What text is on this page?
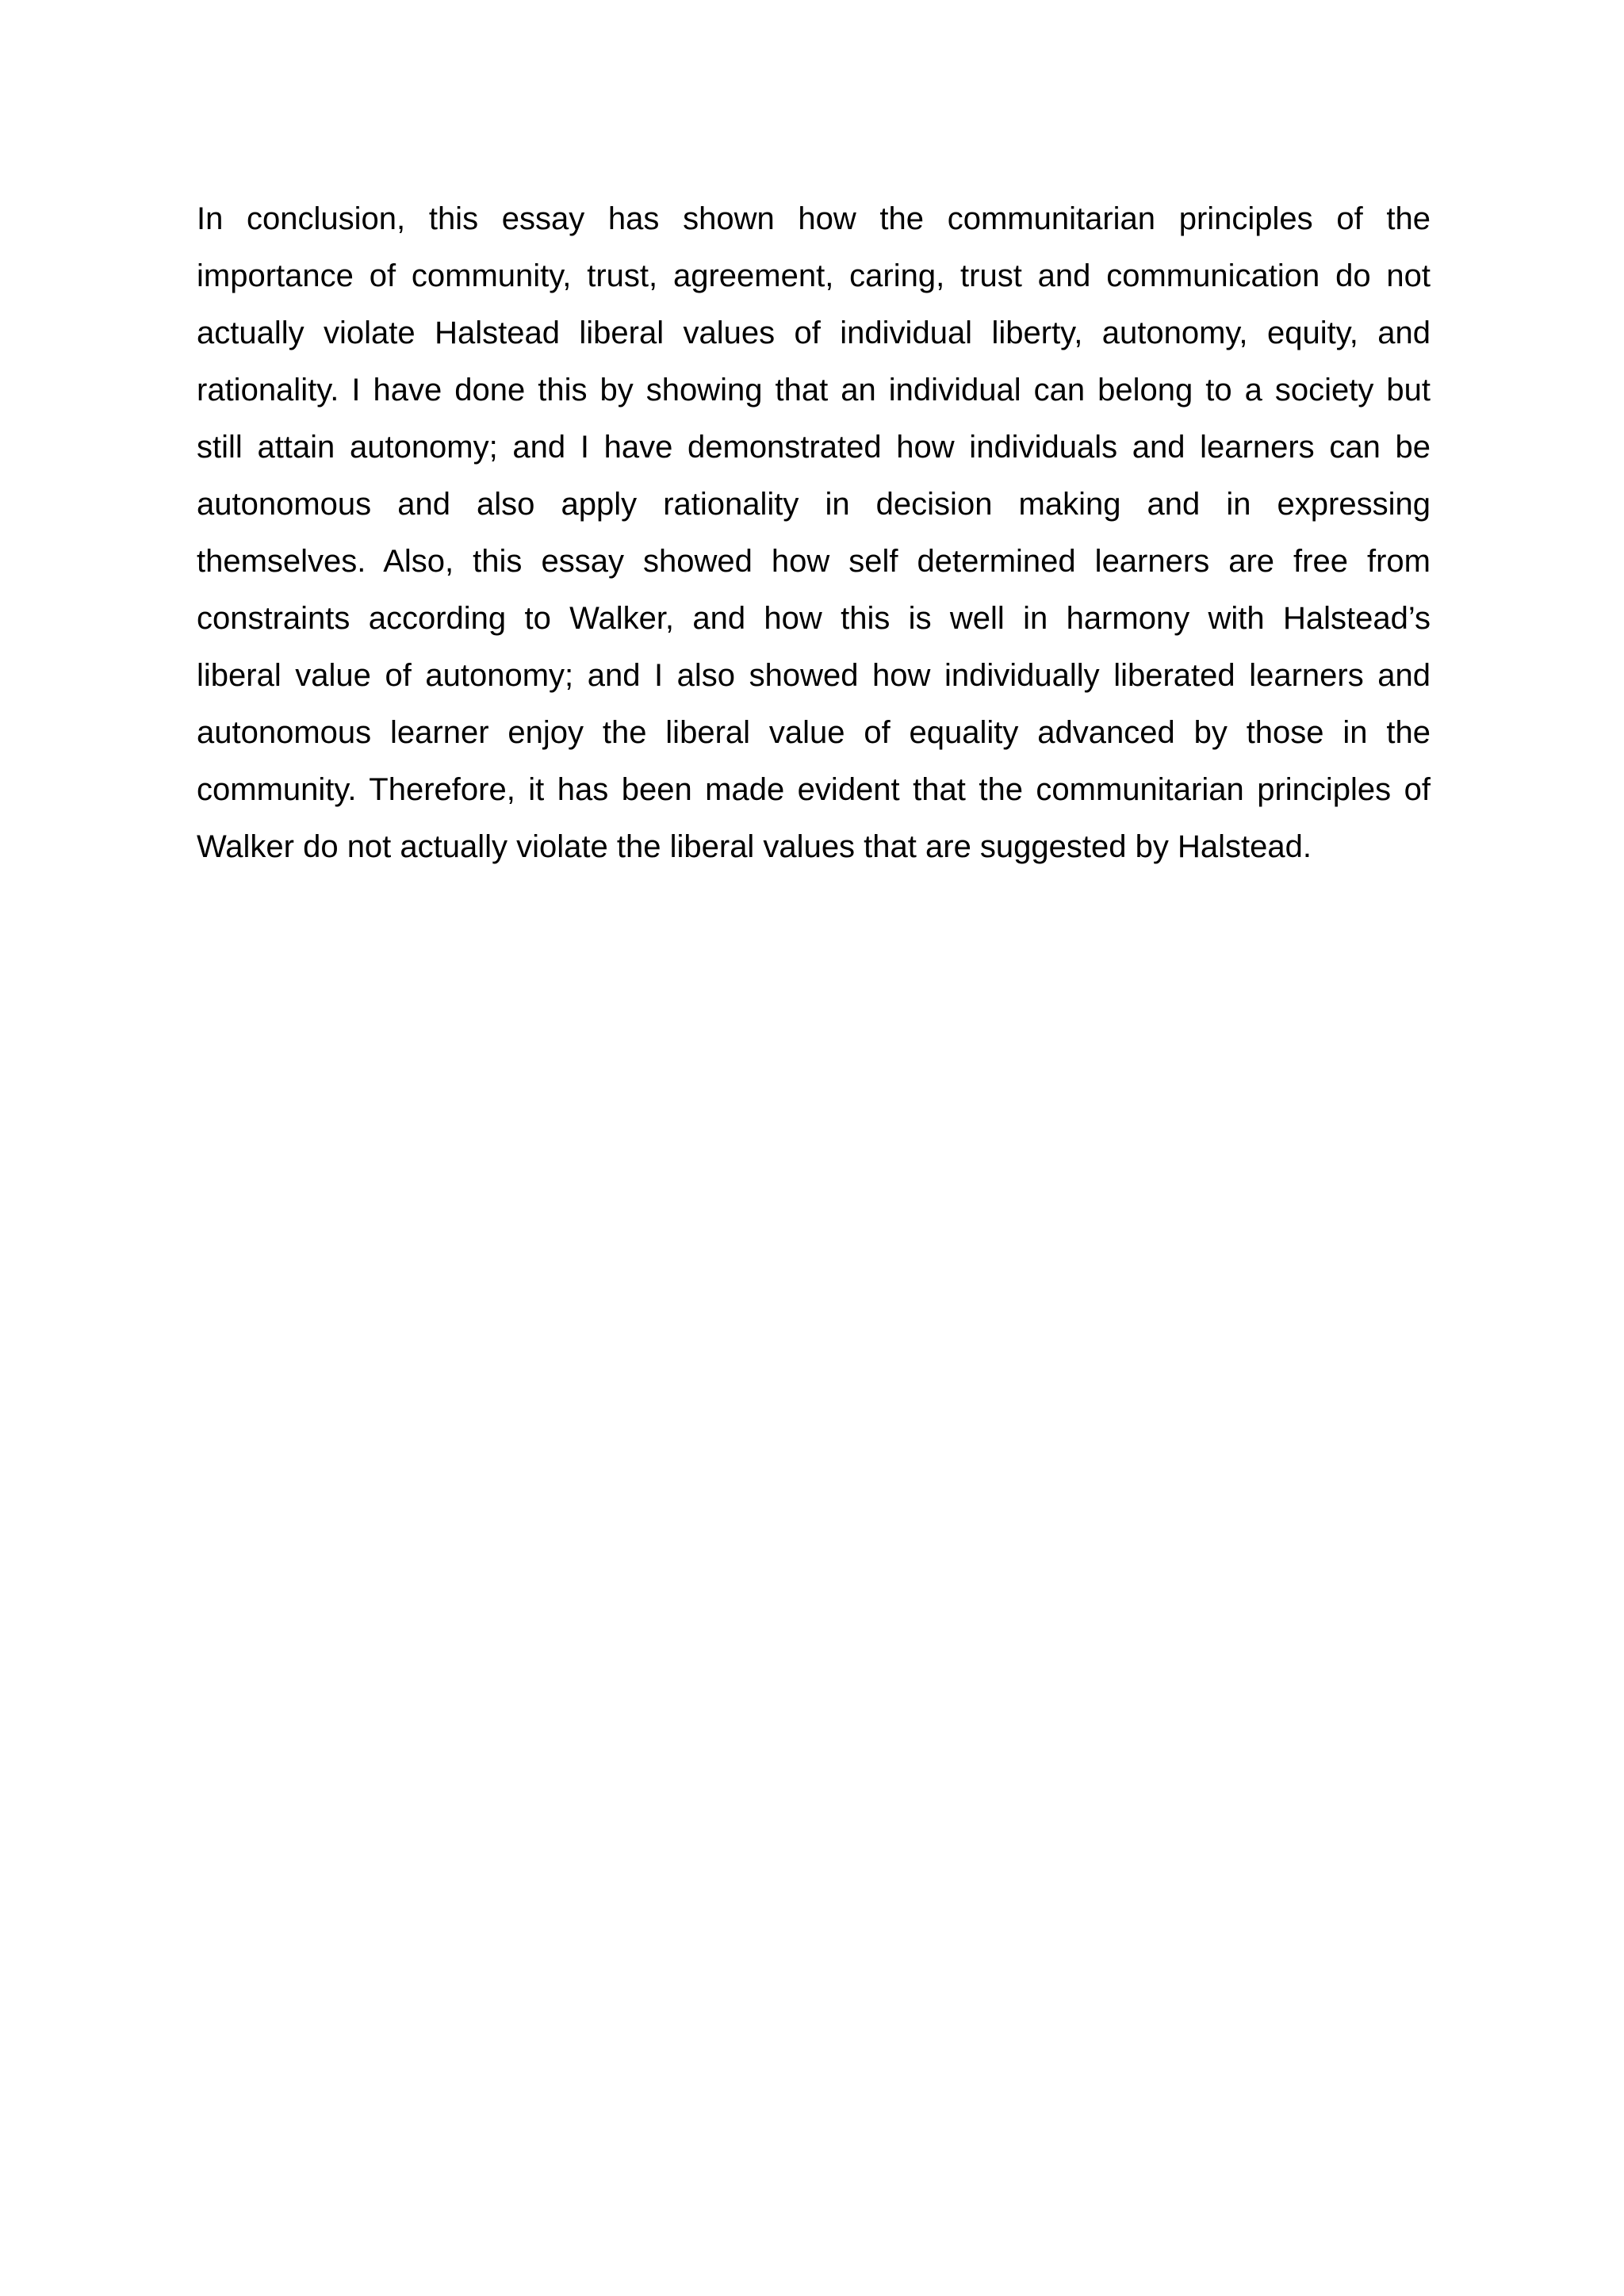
In conclusion, this essay has shown how the communitarian principles of the
importance of community, trust, agreement, caring, trust and communication do not
actually violate Halstead liberal values of individual liberty, autonomy, equity, and
rationality. I have done this by showing that an individual can belong to a society but
still attain autonomy; and I have demonstrated how individuals and learners can be
autonomous and also apply rationality in decision making and in expressing
themselves. Also, this essay showed how self determined learners are free from
constraints according to Walker, and how this is well in harmony with Halstead’s
liberal value of autonomy; and I also showed how individually liberated learners and
autonomous learner enjoy the liberal value of equality advanced by those in the
community. Therefore, it has been made evident that the communitarian principles of
Walker do not actually violate the liberal values that are suggested by Halstead.
